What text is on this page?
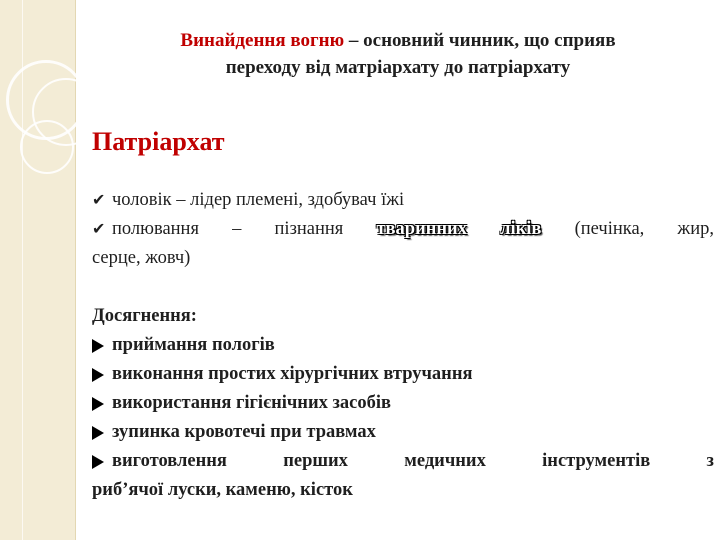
Винайдення вогню – основний чинник, що сприяв
переходу від матріархату до патріархату
Патріархат
✔ чоловік – лідер племені, здобувач їжі
✔ полювання – пізнання тваринних ліків (печінка, жир,
серце, жовч)
Досягнення:
приймання пологів
виконання простих хірургічних втручання
використання гігієнічних засобів
зупинка кровотечі при травмах
виготовлення перших медичних інструментів з
риб’ячої луски, каменю, кісток
